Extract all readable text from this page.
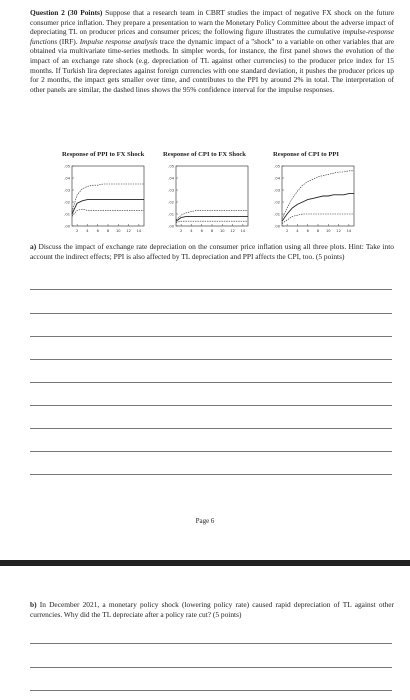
Question 2 (30 Points) Suppose that a research team in CBRT studies the impact of negative FX shock on the future consumer price inflation. They prepare a presentation to warn the Monetary Policy Committee about the adverse impact of depreciating TL on producer prices and consumer prices; the following figure illustrates the cumulative impulse-response functions (IRF). Impulse response analysis trace the dynamic impact of a "shock" to a variable on other variables that are obtained via multivariate time-series methods. In simpler words, for instance, the first panel shows the evolution of the impact of an exchange rate shock (e.g. depreciation of TL against other currencies) to the producer price index for 15 months. If Turkish lira depreciates against foreign currencies with one standard deviation, it pushes the producer prices up for 2 months, the impact gets smaller over time, and contributes to the PPI by around 2% in total. The interpretation of other panels are similar, the dashed lines shows the 95% confidence interval for the impulse responses.
Response of PPI to FX Shock	Response of CPI to FX Shock	Response of CPI to PPI
.05
.04
.03
.02
.01
.00
2 4 6 8 10 12 14
.05
.04
.03
.02
.01
.00
2 4 6 8 10 12 14
.05
.04
.03
.02
.01
.00
2 4 6 8 10 12 14
a) Discuss the impact of exchange rate depreciation on the consumer price inflation using all three plots. Hint: Take into account the indirect effects; PPI is also affected by TL depreciation and PPI affects the CPI, too. (5 points)
Page 6
b) In December 2021, a monetary policy shock (lowering policy rate) caused rapid depreciation of TL against other currencies. Why did the TL depreciate after a policy rate cut? (5 points)
